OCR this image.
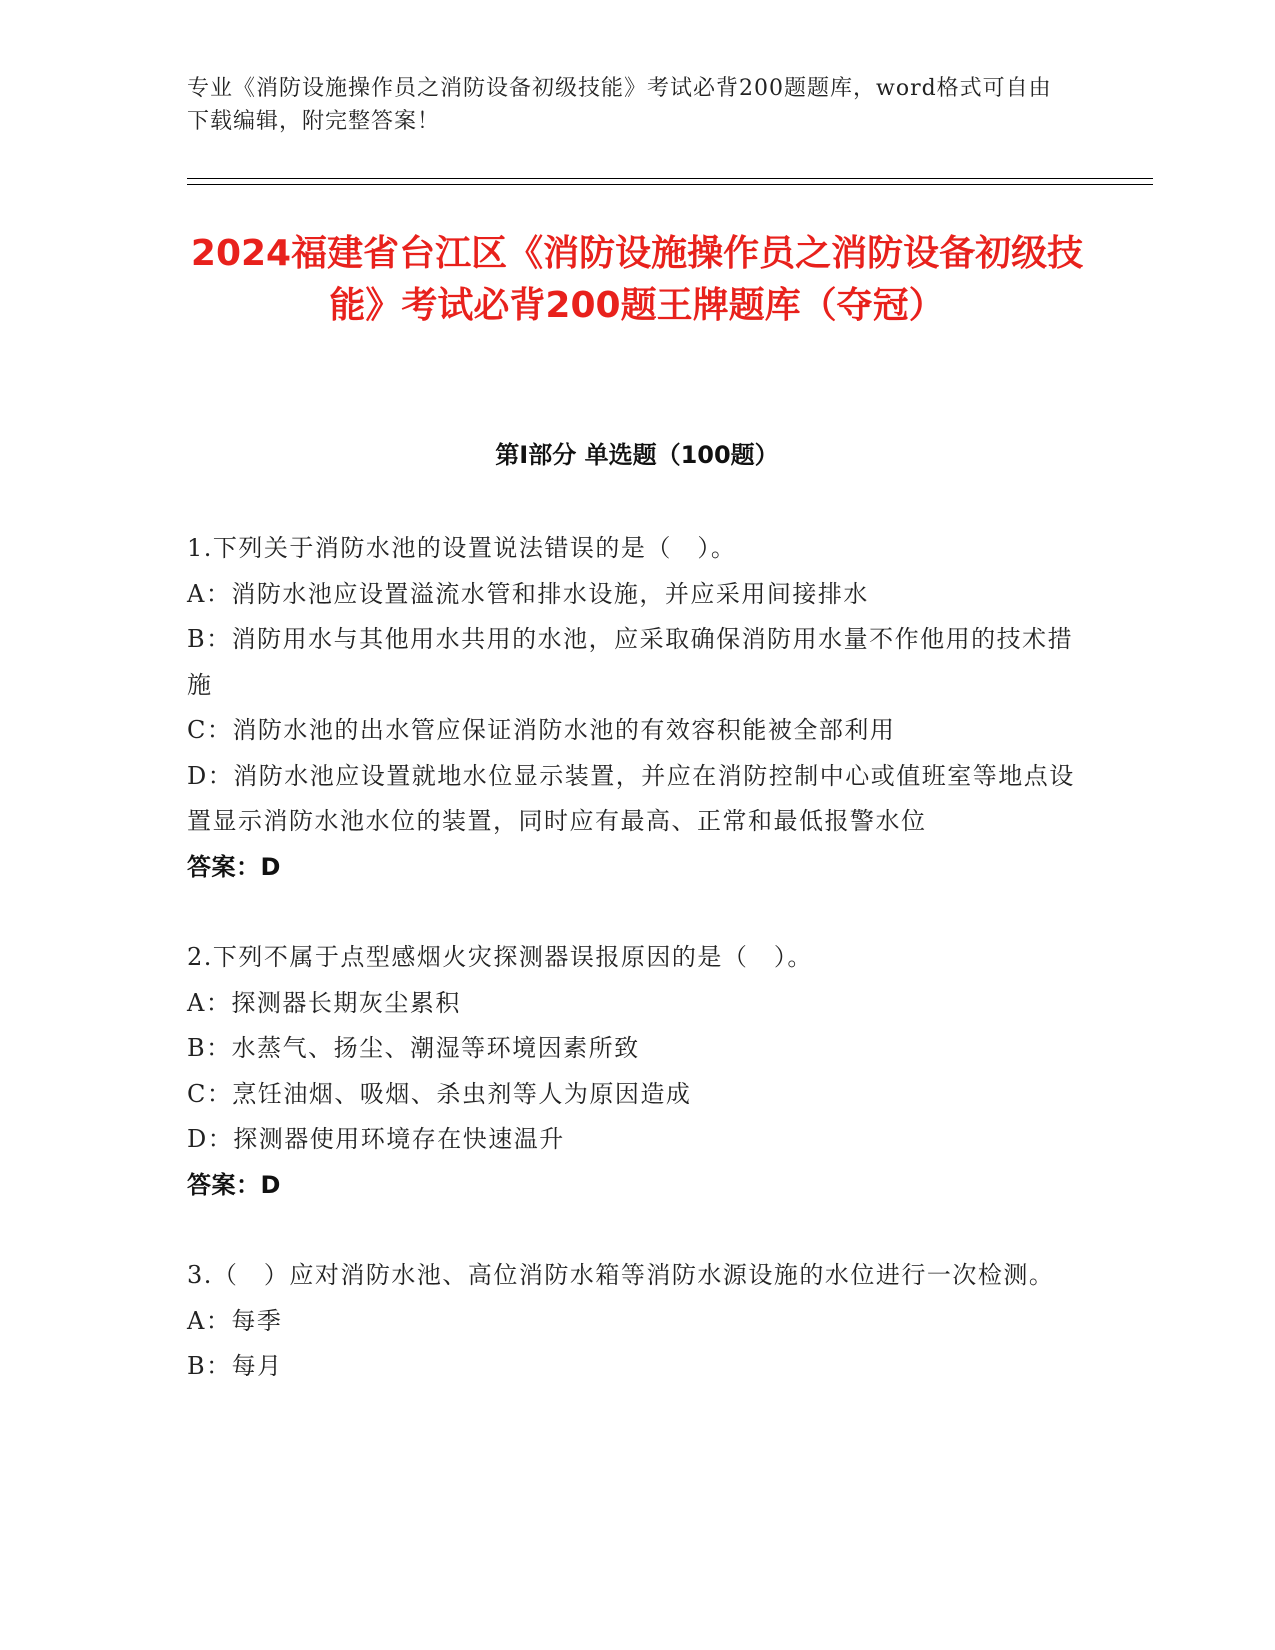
专业《消防设施操作员之消防设备初级技能》考试必背200题题库，word格式可自由下载编辑，附完整答案！
2024福建省台江区《消防设施操作员之消防设备初级技能》考试必背200题王牌题库（夺冠）
第I部分 单选题（100题）

1.下列关于消防水池的设置说法错误的是（　）。

A：消防水池应设置溢流水管和排水设施，并应采用间接排水

B：消防用水与其他用水共用的水池，应采取确保消防用水量不作他用的技术措施

C：消防水池的出水管应保证消防水池的有效容积能被全部利用

D：消防水池应设置就地水位显示装置，并应在消防控制中心或值班室等地点设置显示消防水池水位的装置，同时应有最高、正常和最低报警水位

答案：D

2.下列不属于点型感烟火灾探测器误报原因的是（　）。

A：探测器长期灰尘累积

B：水蒸气、扬尘、潮湿等环境因素所致

C：烹饪油烟、吸烟、杀虫剂等人为原因造成

D：探测器使用环境存在快速温升

答案：D

3.（　）应对消防水池、高位消防水箱等消防水源设施的水位进行一次检测。

A：每季

B：每月
